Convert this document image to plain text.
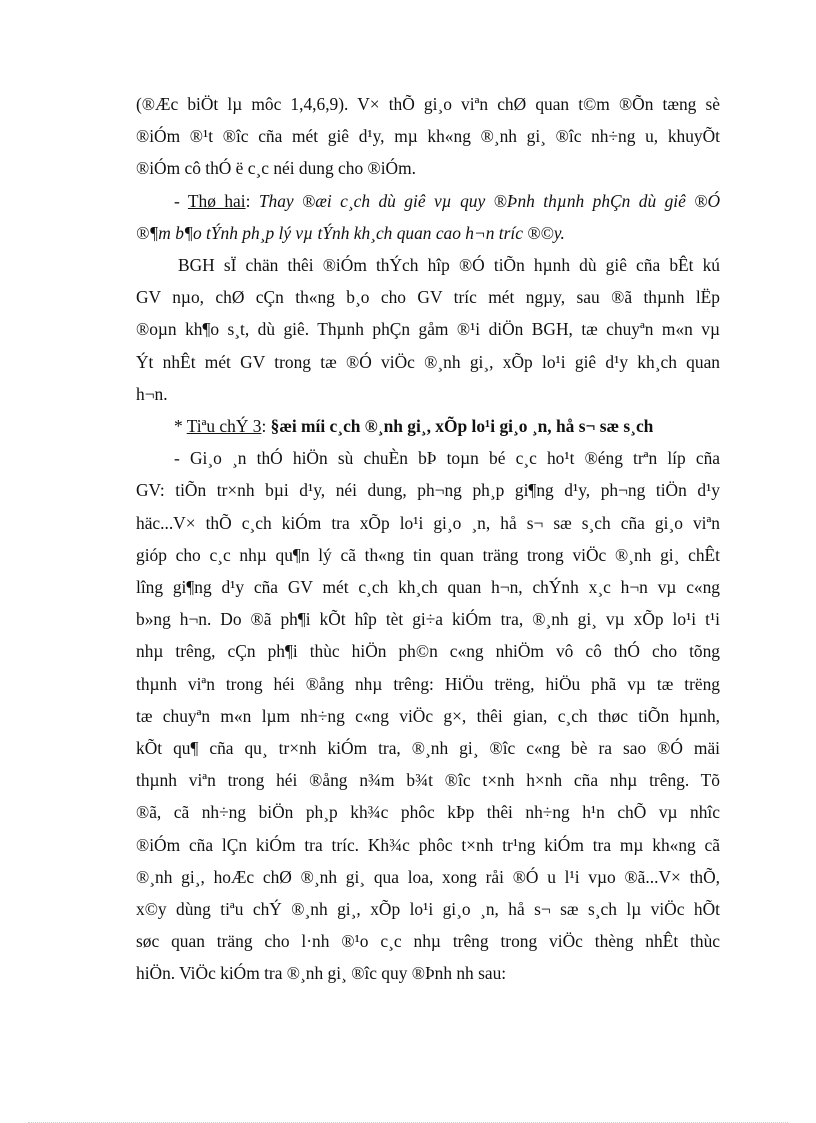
(®Æc biÖt lµ môc 1,4,6,9). V× thÕ gi¸o viªn chØ quan t©m ®Õn tæng sè
®iÓm ®¹t ®îc cña mét giê d¹y, mµ kh«ng ®¸nh gi¸ ®îc nh÷ng u, khuyÕt
®iÓm cô thÓ ë c¸c néi dung cho ®iÓm.
- Thø hai: Thay ®æi c¸ch dù giê vµ quy ®Þnh thµnh phÇn dù giê ®Ó
®¶m b¶o tÝnh ph¸p lý vµ tÝnh kh¸ch quan cao h¬n tríc ®©y.
BGH sÏ chän thêi ®iÓm thÝch hîp ®Ó tiÕn hµnh dù giê cña bÊt kú
GV nµo, chØ cÇn th«ng b¸o cho GV tríc mét ngµy, sau ®ã thµnh lËp
®oµn kh¶o s¸t, dù giê. Thµnh phÇn gåm ®¹i diÖn BGH, tæ chuyªn m«n vµ
Ýt nhÊt mét GV trong tæ ®Ó viÖc ®¸nh gi¸, xÕp lo¹i giê d¹y kh¸ch quan
h¬n.
* Tiªu chÝ 3: §æi míi c¸ch ®¸nh gi¸, xÕp lo¹i gi¸o ¸n, hå s¬ sæ s¸ch
- Gi¸o ¸n thÓ hiÖn sù chuÈn bÞ toµn bé c¸c ho¹t ®éng trªn líp cña
GV: tiÕn tr×nh bµi d¹y, néi dung, ph¬ng ph¸p gi¶ng d¹y, ph¬ng tiÖn d¹y
häc...V× thÕ c¸ch kiÓm tra xÕp lo¹i gi¸o ¸n, hå s¬ sæ s¸ch cña gi¸o viªn
gióp cho c¸c nhµ qu¶n lý cã th«ng tin quan träng trong viÖc ®¸nh gi¸ chÊt
lîng gi¶ng d¹y cña GV mét c¸ch kh¸ch quan h¬n, chÝnh x¸c h¬n vµ c«ng
b»ng h¬n. Do ®ã ph¶i kÕt hîp tèt gi÷a kiÓm tra, ®¸nh gi¸ vµ xÕp lo¹i t¹i
nhµ trêng, cÇn ph¶i thùc hiÖn ph©n c«ng nhiÖm vô cô thÓ cho tõng
thµnh viªn trong héi ®ång nhµ trêng: HiÖu trëng, hiÖu phã vµ tæ trëng
tæ chuyªn m«n lµm nh÷ng c«ng viÖc g×, thêi gian, c¸ch thøc tiÕn hµnh,
kÕt qu¶ cña qu¸ tr×nh kiÓm tra, ®¸nh gi¸ ®îc c«ng bè ra sao ®Ó mäi
thµnh viªn trong héi ®ång n¾m b¾t ®îc t×nh h×nh cña nhµ trêng. Tõ
®ã, cã nh÷ng biÖn ph¸p kh¾c phôc kÞp thêi nh÷ng h¹n chÕ vµ nhîc
®iÓm cña lÇn kiÓm tra tríc. Kh¾c phôc t×nh tr¹ng kiÓm tra mµ kh«ng cã
®¸nh gi¸, hoÆc chØ ®¸nh gi¸ qua loa, xong råi ®Ó u l¹i vµo ®ã...V× thÕ,
x©y dùng tiªu chÝ ®¸nh gi¸, xÕp lo¹i gi¸o ¸n, hå s¬ sæ s¸ch lµ viÖc hÕt
søc quan träng cho l·nh ®¹o c¸c nhµ trêng trong viÖc thèng nhÊt thùc
hiÖn. ViÖc kiÓm tra ®¸nh gi¸ ®îc quy ®Þnh nh sau:
